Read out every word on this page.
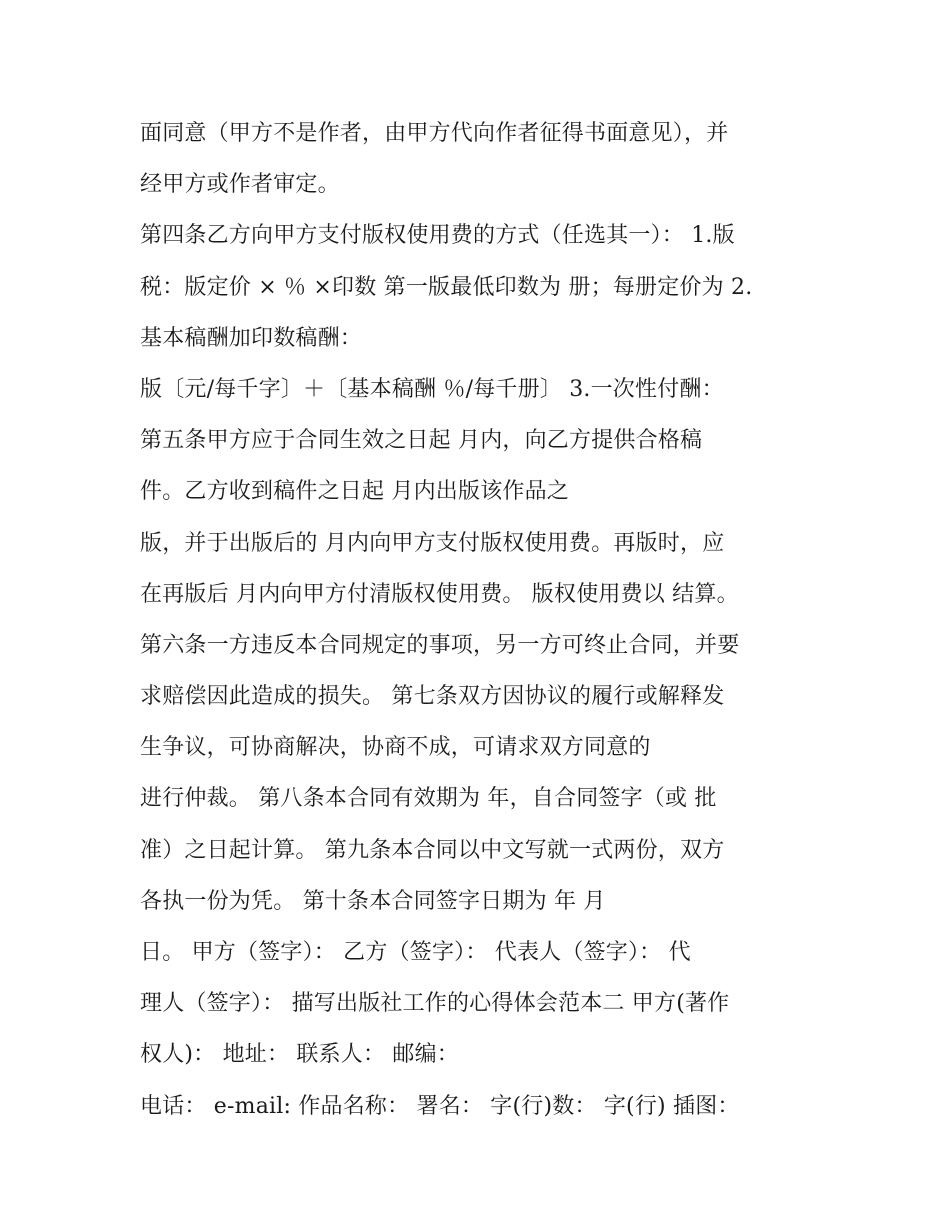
面同意（甲方不是作者，由甲方代向作者征得书面意见），并
经甲方或作者审定。
第四条乙方向甲方支付版权使用费的方式（任选其一）： 1.版
税：版定价 × ％ ×印数 第一版最低印数为 册；每册定价为 2.
基本稿酬加印数稿酬：
版〔元/每千字〕＋〔基本稿酬 ％/每千册〕 3.一次性付酬：
第五条甲方应于合同生效之日起 月内，向乙方提供合格稿
件。乙方收到稿件之日起 月内出版该作品之
版，并于出版后的 月内向甲方支付版权使用费。再版时，应
在再版后 月内向甲方付清版权使用费。 版权使用费以 结算。
第六条一方违反本合同规定的事项，另一方可终止合同，并要
求赔偿因此造成的损失。 第七条双方因协议的履行或解释发
生争议，可协商解决，协商不成，可请求双方同意的
进行仲裁。 第八条本合同有效期为 年，自合同签字（或 批
准）之日起计算。 第九条本合同以中文写就一式两份，双方
各执一份为凭。 第十条本合同签字日期为 年 月
日。 甲方（签字）： 乙方（签字）： 代表人（签字）： 代
理人（签字）： 描写出版社工作的心得体会范本二 甲方(著作
权人)： 地址： 联系人： 邮编：
电话： e-mail: 作品名称： 署名： 字(行)数： 字(行) 插图：
